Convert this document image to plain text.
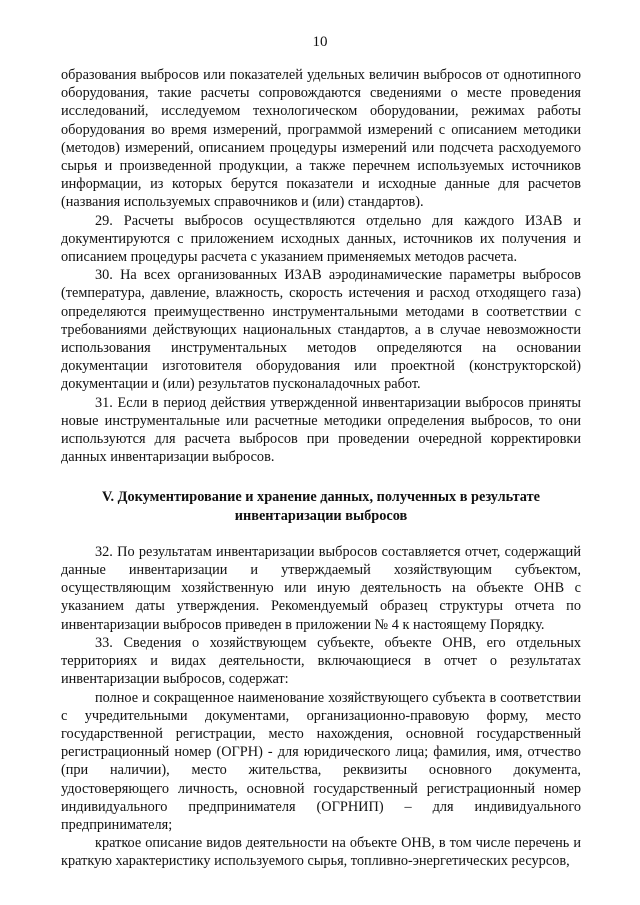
10

образования выбросов или показателей удельных величин выбросов от однотипного оборудования, такие расчеты сопровождаются сведениями о месте проведения исследований, исследуемом технологическом оборудовании, режимах работы оборудования во время измерений, программой измерений с описанием методики (методов) измерений, описанием процедуры измерений или подсчета расходуемого сырья и произведенной продукции, а также перечнем используемых источников информации, из которых берутся показатели и исходные данные для расчетов (названия используемых справочников и (или) стандартов).

29. Расчеты выбросов осуществляются отдельно для каждого ИЗАВ и документируются с приложением исходных данных, источников их получения и описанием процедуры расчета с указанием применяемых методов расчета.

30. На всех организованных ИЗАВ аэродинамические параметры выбросов (температура, давление, влажность, скорость истечения и расход отходящего газа) определяются преимущественно инструментальными методами в соответствии с требованиями действующих национальных стандартов, а в случае невозможности использования инструментальных методов определяются на основании документации изготовителя оборудования или проектной (конструкторской) документации и (или) результатов пусконаладочных работ.

31. Если в период действия утвержденной инвентаризации выбросов приняты новые инструментальные или расчетные методики определения выбросов, то они используются для расчета выбросов при проведении очередной корректировки данных инвентаризации выбросов.

V. Документирование и хранение данных, полученных в результате инвентаризации выбросов

32. По результатам инвентаризации выбросов составляется отчет, содержащий данные инвентаризации и утверждаемый хозяйствующим субъектом, осуществляющим хозяйственную или иную деятельность на объекте ОНВ с указанием даты утверждения. Рекомендуемый образец структуры отчета по инвентаризации выбросов приведен в приложении № 4 к настоящему Порядку.

33. Сведения о хозяйствующем субъекте, объекте ОНВ, его отдельных территориях и видах деятельности, включающиеся в отчет о результатах инвентаризации выбросов, содержат:

полное и сокращенное наименование хозяйствующего субъекта в соответствии с учредительными документами, организационно-правовую форму, место государственной регистрации, место нахождения, основной государственный регистрационный номер (ОГРН) - для юридического лица; фамилия, имя, отчество (при наличии), место жительства, реквизиты основного документа, удостоверяющего личность, основной государственный регистрационный номер индивидуального предпринимателя (ОГРНИП) – для индивидуального предпринимателя;

краткое описание видов деятельности на объекте ОНВ, в том числе перечень и краткую характеристику используемого сырья, топливно-энергетических ресурсов,
